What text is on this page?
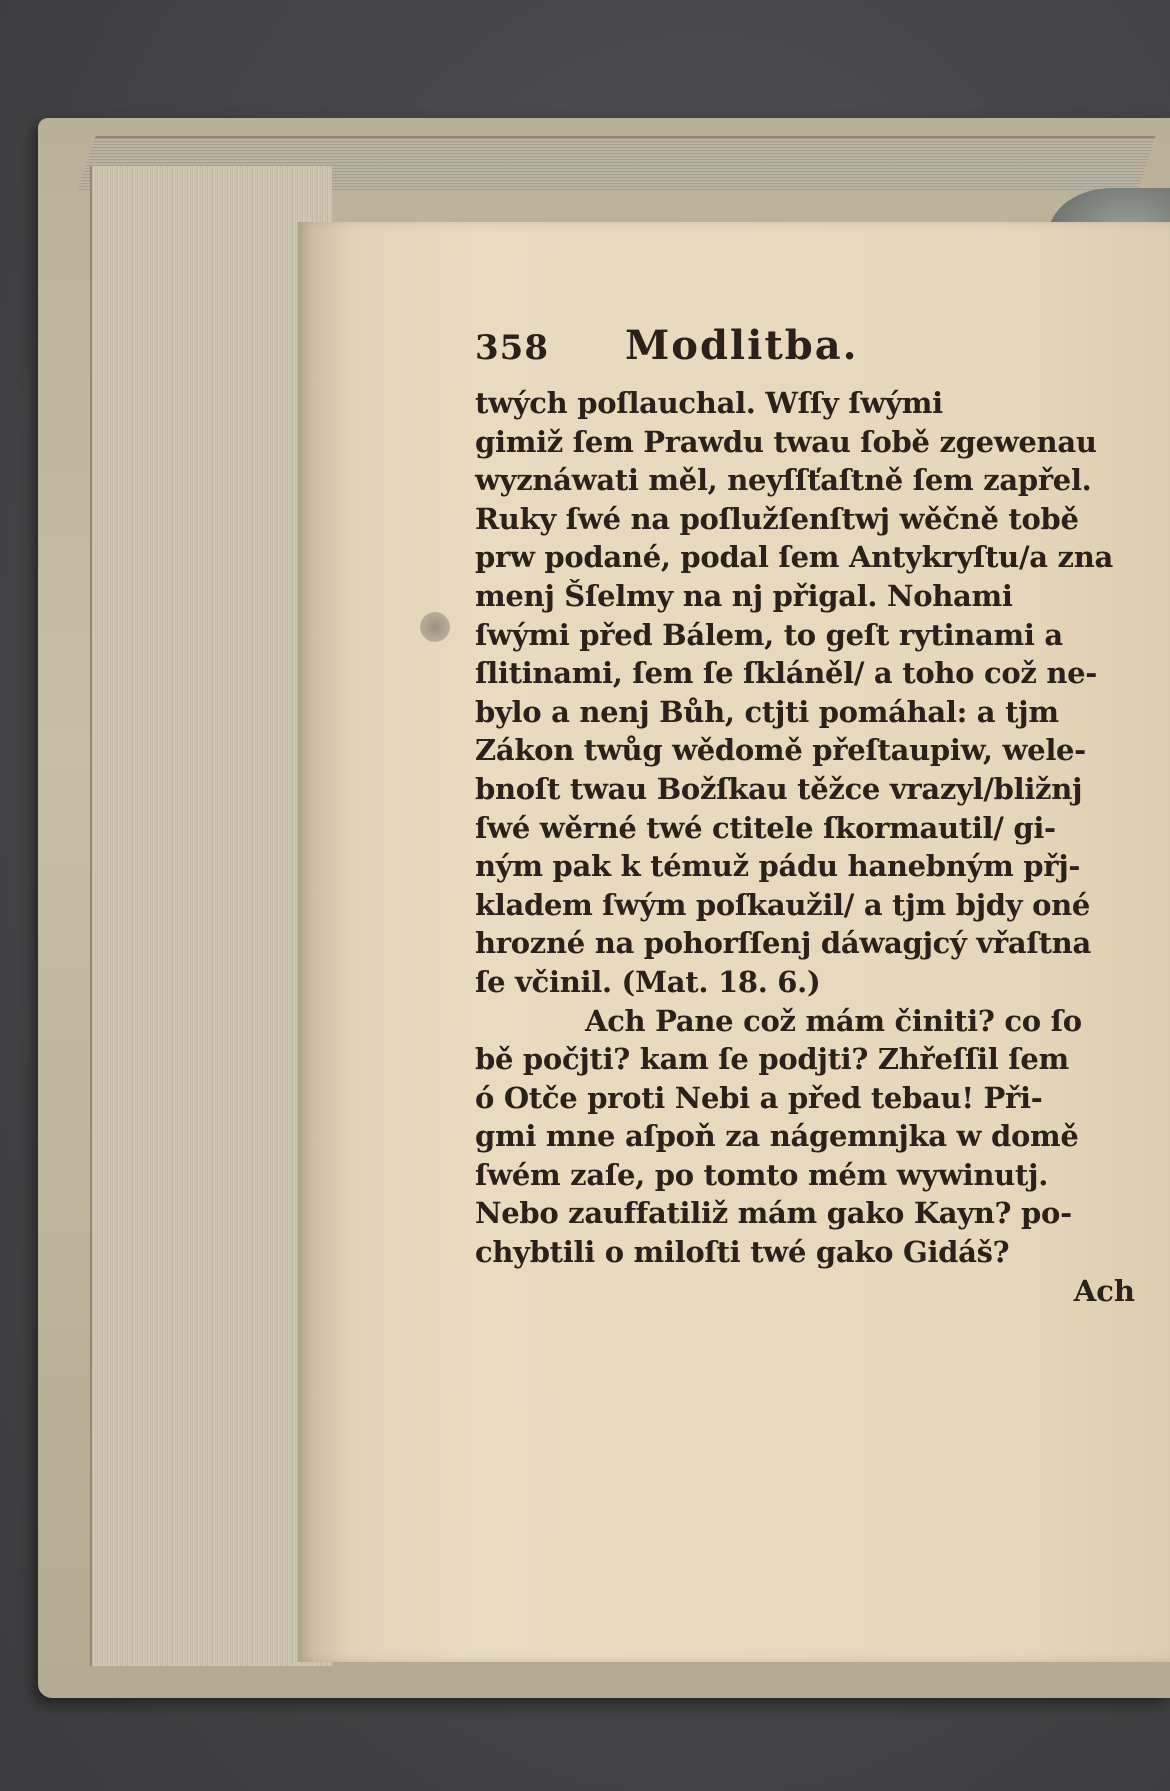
358	Modlitba.
twých poſlauchal. Wſſy ſwými
gimiž ſem Prawdu twau ſobě zgewenau
wyznáwati měl, neyſſťaſtně ſem zapřel.
Ruky ſwé na poſlužſenſtwj wěčně tobě
prw podané, podal ſem Antykryſtu/a zna
menj Šſelmy na nj přigal. Nohami
ſwými před Bálem, to geſt rytinami a
ſlitinami, ſem ſe ſkláněl/ a toho což ne-
bylo a nenj Bůh, ctjti pomáhal: a tjm
Zákon twůg wědomě přeſtaupiw, wele-
bnoſt twau Božſkau těžce vrazyl/bližnj
ſwé wěrné twé ctitele ſkormautil/ gi-
ným pak k témuž pádu hanebným přj-
kladem ſwým poſkaužil/ a tjm bjdy oné
hrozné na pohorſſenj dáwagjcý vřaſtna
ſe včinil. (Mat. 18. 6.)
Ach Pane což mám činiti? co ſo
bě počjti? kam ſe podjti? Zhřeſſil ſem
ó Otče proti Nebi a před tebau! Při-
gmi mne aſpoň za nágemnjka w domě
ſwém zaſe, po tomto mém wywinutj.
Nebo zauffatiliž mám gako Kayn? po-
chybtili o miloſti twé gako Gidáš?
Ach
